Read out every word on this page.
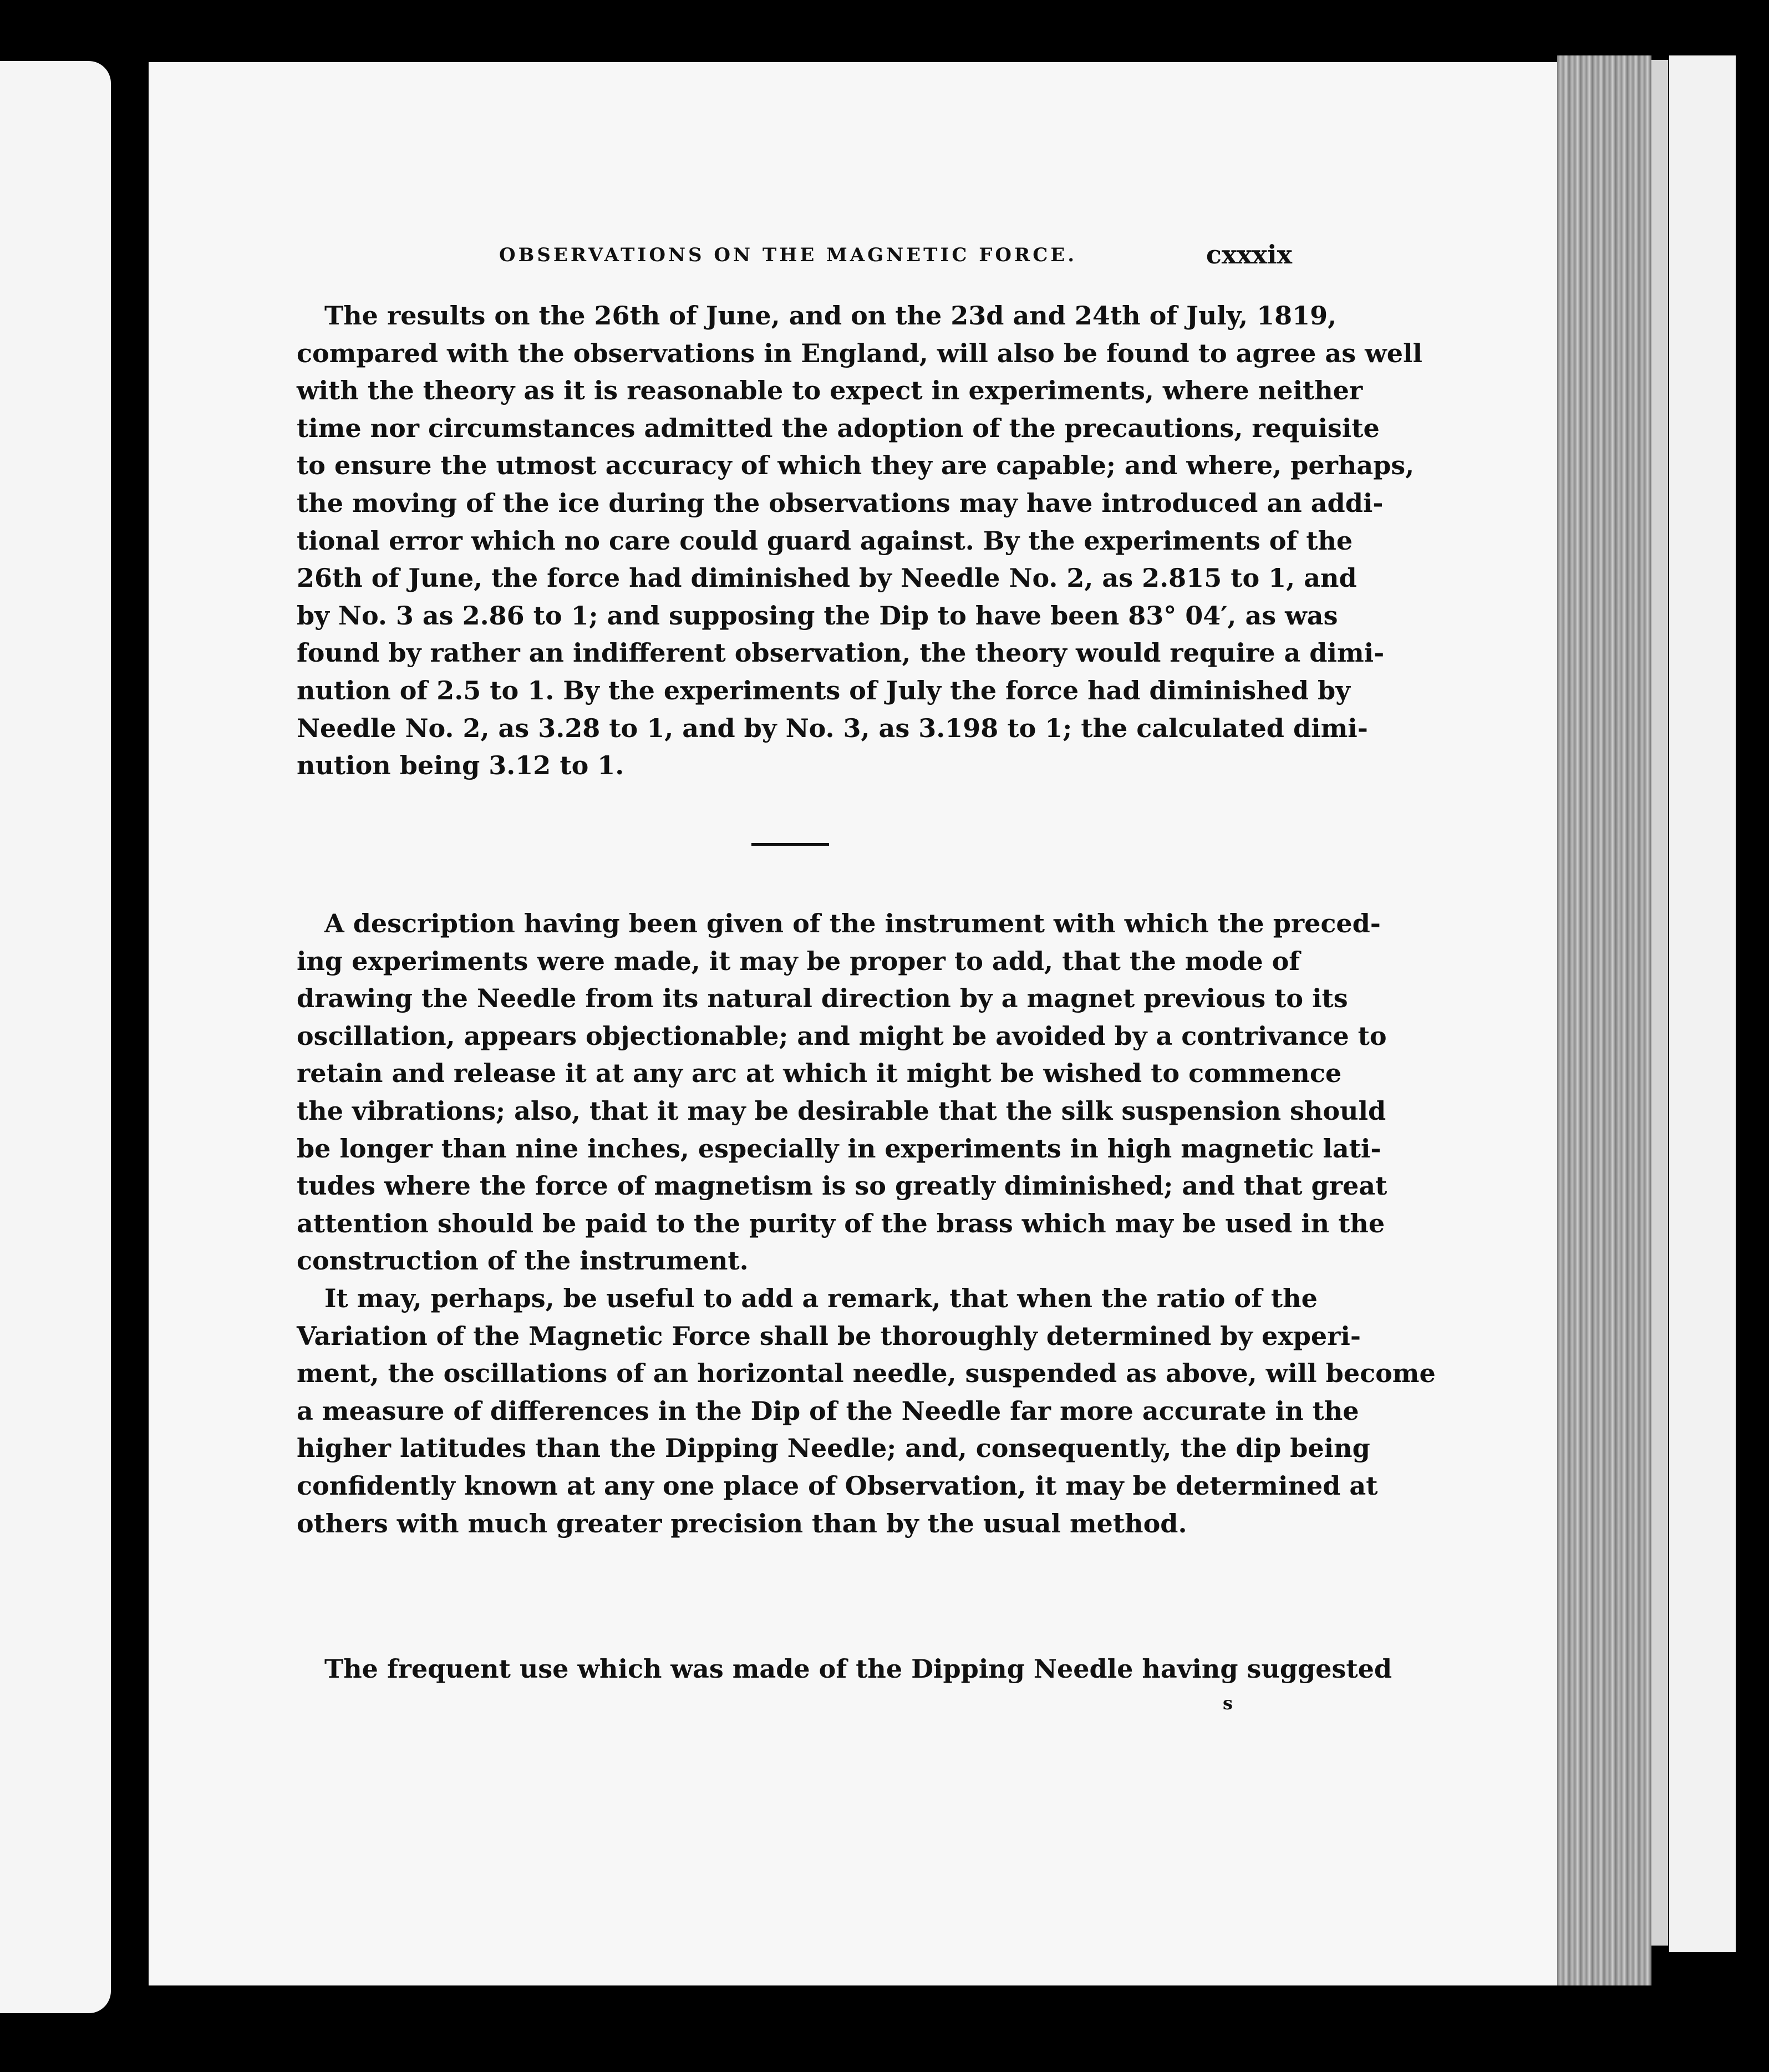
OBSERVATIONS ON THE MAGNETIC FORCE.	cxxxix
The results on the 26th of June, and on the 23d and 24th of July, 1819,
compared with the observations in England, will also be found to agree as well
with the theory as it is reasonable to expect in experiments, where neither
time nor circumstances admitted the adoption of the precautions, requisite
to ensure the utmost accuracy of which they are capable; and where, perhaps,
the moving of the ice during the observations may have introduced an addi-
tional error which no care could guard against. By the experiments of the
26th of June, the force had diminished by Needle No. 2, as 2.815 to 1, and
by No. 3 as 2.86 to 1; and supposing the Dip to have been 83° 04′, as was
found by rather an indifferent observation, the theory would require a dimi-
nution of 2.5 to 1. By the experiments of July the force had diminished by
Needle No. 2, as 3.28 to 1, and by No. 3, as 3.198 to 1; the calculated dimi-
nution being 3.12 to 1.
A description having been given of the instrument with which the preced-
ing experiments were made, it may be proper to add, that the mode of
drawing the Needle from its natural direction by a magnet previous to its
oscillation, appears objectionable; and might be avoided by a contrivance to
retain and release it at any arc at which it might be wished to commence
the vibrations; also, that it may be desirable that the silk suspension should
be longer than nine inches, especially in experiments in high magnetic lati-
tudes where the force of magnetism is so greatly diminished; and that great
attention should be paid to the purity of the brass which may be used in the
construction of the instrument.
It may, perhaps, be useful to add a remark, that when the ratio of the
Variation of the Magnetic Force shall be thoroughly determined by experi-
ment, the oscillations of an horizontal needle, suspended as above, will become
a measure of differences in the Dip of the Needle far more accurate in the
higher latitudes than the Dipping Needle; and, consequently, the dip being
confidently known at any one place of Observation, it may be determined at
others with much greater precision than by the usual method.
The frequent use which was made of the Dipping Needle having suggested
s
